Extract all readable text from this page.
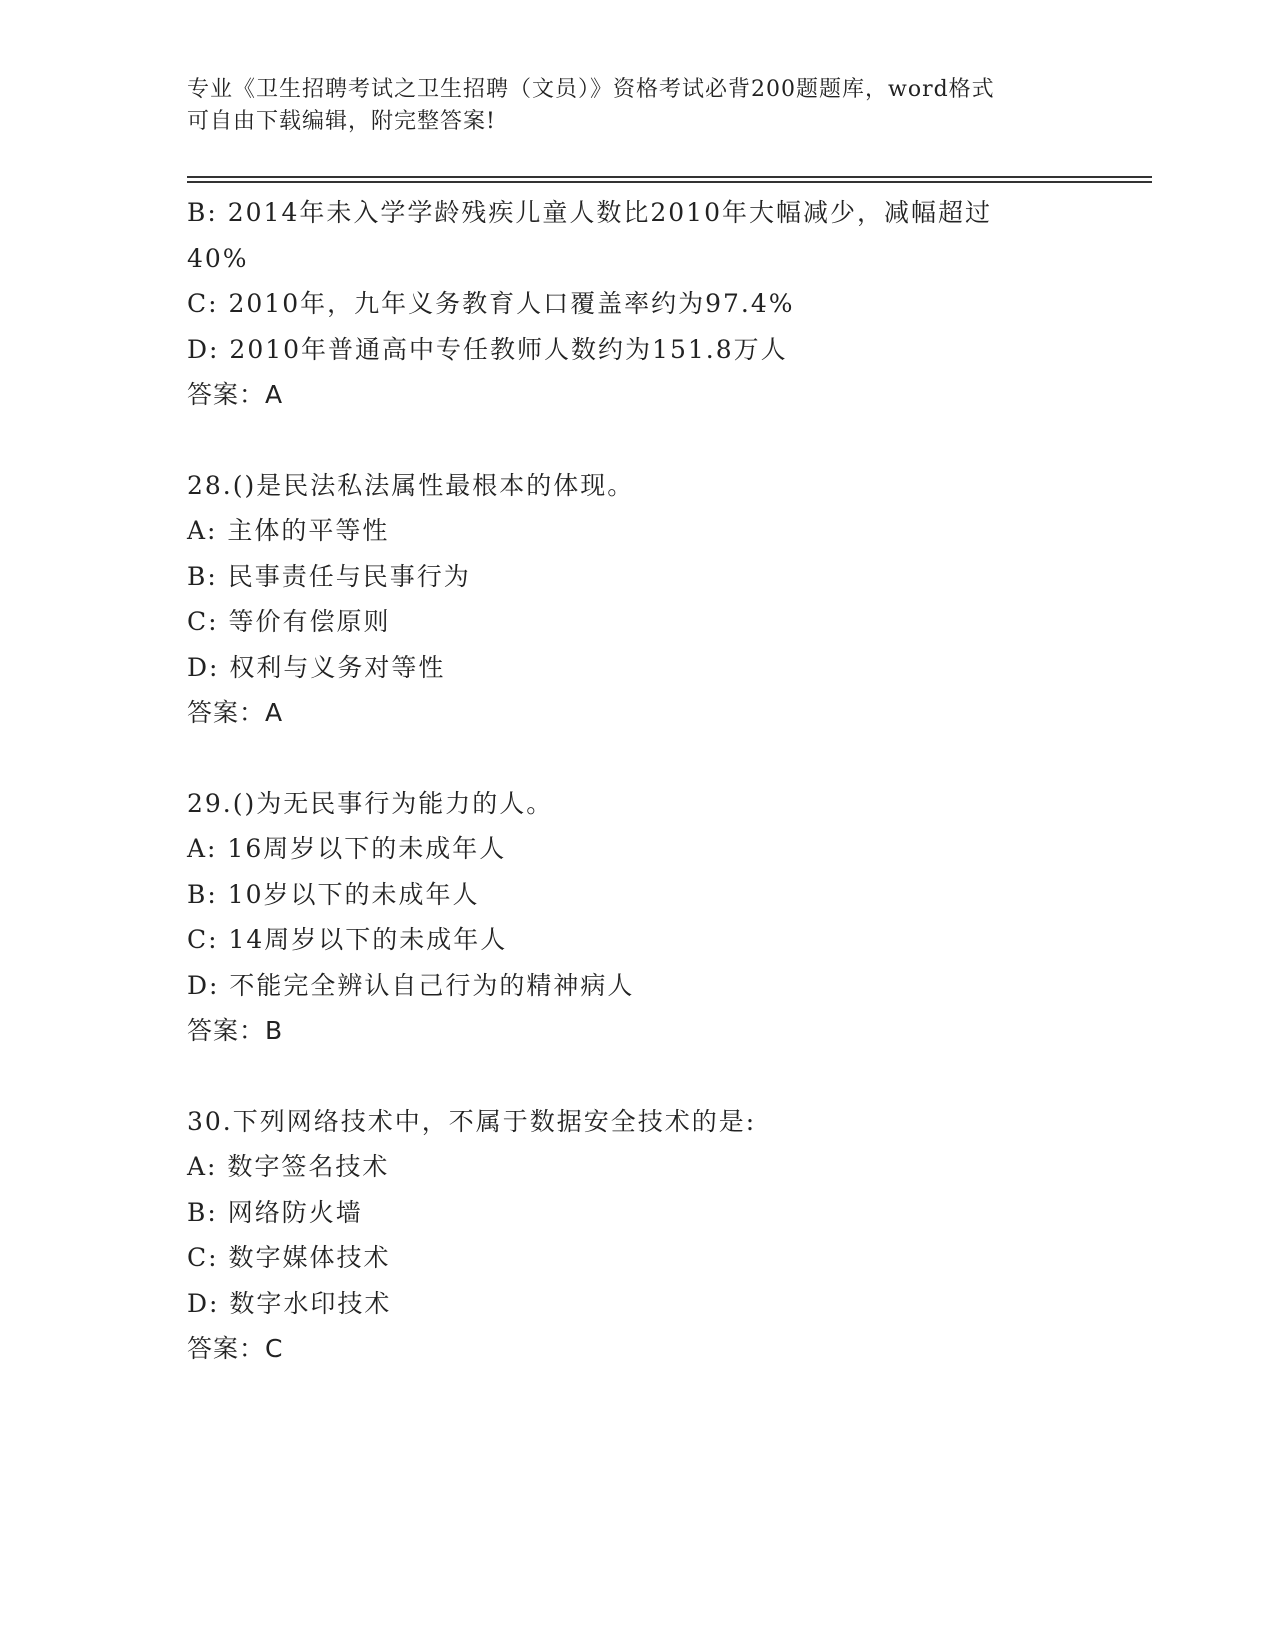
专业《卫生招聘考试之卫生招聘（文员）》资格考试必背200题题库，word格式
可自由下载编辑，附完整答案!
B: 2014年未入学学龄残疾儿童人数比2010年大幅减少，减幅超过
40%
C: 2010年，九年义务教育人口覆盖率约为97.4%
D: 2010年普通高中专任教师人数约为151.8万人
答案：A
28.()是民法私法属性最根本的体现。
A: 主体的平等性
B: 民事责任与民事行为
C: 等价有偿原则
D: 权利与义务对等性
答案：A
29.()为无民事行为能力的人。
A: 16周岁以下的未成年人
B: 10岁以下的未成年人
C: 14周岁以下的未成年人
D: 不能完全辨认自己行为的精神病人
答案：B
30.下列网络技术中，不属于数据安全技术的是:
A: 数字签名技术
B: 网络防火墙
C: 数字媒体技术
D: 数字水印技术
答案：C
